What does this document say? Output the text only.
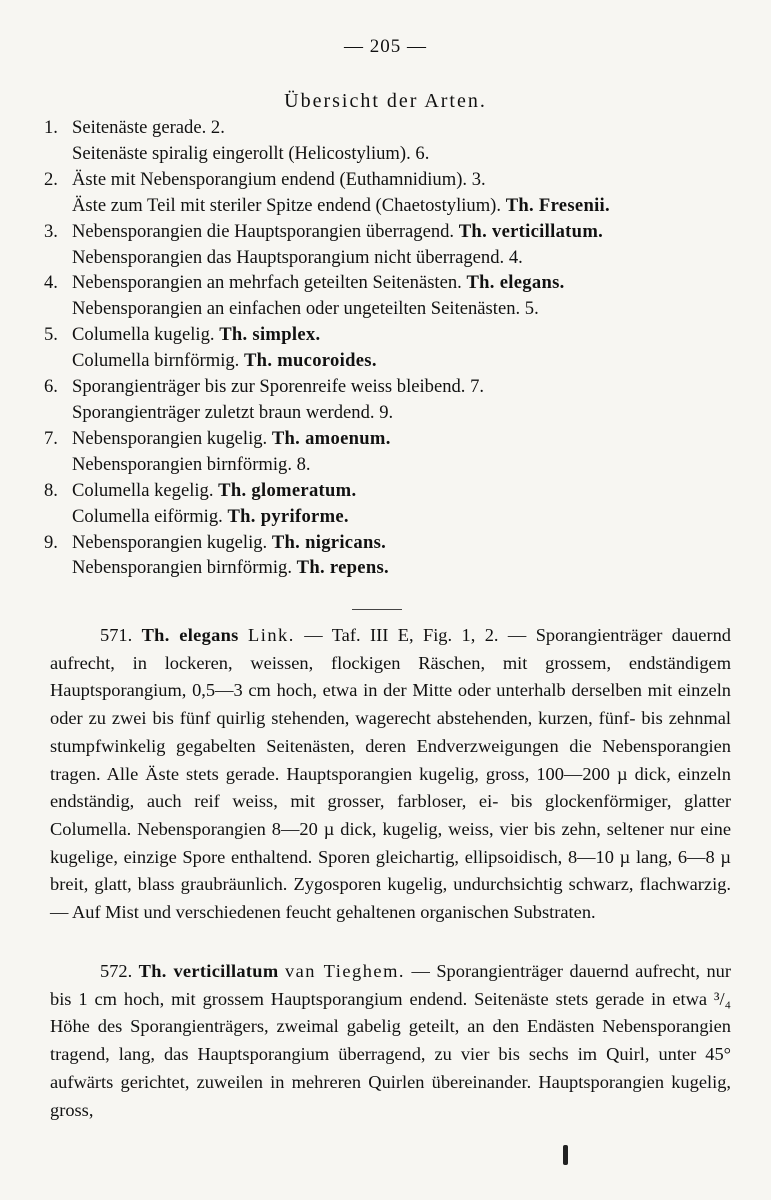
— 205 —
Übersicht der Arten.
1. Seitenäste gerade. 2.
Seitenäste spiralig eingerollt (Helicostylium). 6.
2. Äste mit Nebensporangium endend (Euthamnidium). 3.
Äste zum Teil mit steriler Spitze endend (Chaetostylium). Th. Fresenii.
3. Nebensporangien die Hauptsporangien überragend. Th. verticillatum.
Nebensporangien das Hauptsporangium nicht überragend. 4.
4. Nebensporangien an mehrfach geteilten Seitenästen. Th. elegans.
Nebensporangien an einfachen oder ungeteilten Seitenästen. 5.
5. Columella kugelig. Th. simplex.
Columella birnförmig. Th. mucoroides.
6. Sporangienträger bis zur Sporenreife weiss bleibend. 7.
Sporangienträger zuletzt braun werdend. 9.
7. Nebensporangien kugelig. Th. amoenum.
Nebensporangien birnförmig. 8.
8. Columella kegelig. Th. glomeratum.
Columella eiförmig. Th. pyriforme.
9. Nebensporangien kugelig. Th. nigricans.
Nebensporangien birnförmig. Th. repens.
571. Th. elegans Link. — Taf. III E, Fig. 1, 2. — Sporangienträger dauernd aufrecht, in lockeren, weissen, flockigen Räschen, mit grossem, endständigem Hauptsporangium, 0,5—3 cm hoch, etwa in der Mitte oder unterhalb derselben mit einzeln oder zu zwei bis fünf quirlig stehenden, wagerecht abstehenden, kurzen, fünf- bis zehnmal stumpfwinkelig gegabelten Seitenästen, deren Endverzweigungen die Nebensporangien tragen. Alle Äste stets gerade. Hauptsporangien kugelig, gross, 100—200 µ dick, einzeln endständig, auch reif weiss, mit grosser, farbloser, ei- bis glockenförmiger, glatter Columella. Nebensporangien 8—20 µ dick, kugelig, weiss, vier bis zehn, seltener nur eine kugelige, einzige Spore enthaltend. Sporen gleichartig, ellipsoidisch, 8—10 µ lang, 6—8 µ breit, glatt, blass graubräunlich. Zygosporen kugelig, undurchsichtig schwarz, flachwarzig. — Auf Mist und verschiedenen feucht gehaltenen organischen Substraten.
572. Th. verticillatum van Tieghem. — Sporangienträger dauernd aufrecht, nur bis 1 cm hoch, mit grossem Hauptsporangium endend. Seitenäste stets gerade in etwa ³/₄ Höhe des Sporangienträgers, zweimal gabelig geteilt, an den Endästen Nebensporangien tragend, lang, das Hauptsporangium überragend, zu vier bis sechs im Quirl, unter 45° aufwärts gerichtet, zuweilen in mehreren Quirlen übereinander. Hauptsporangien kugelig, gross,
